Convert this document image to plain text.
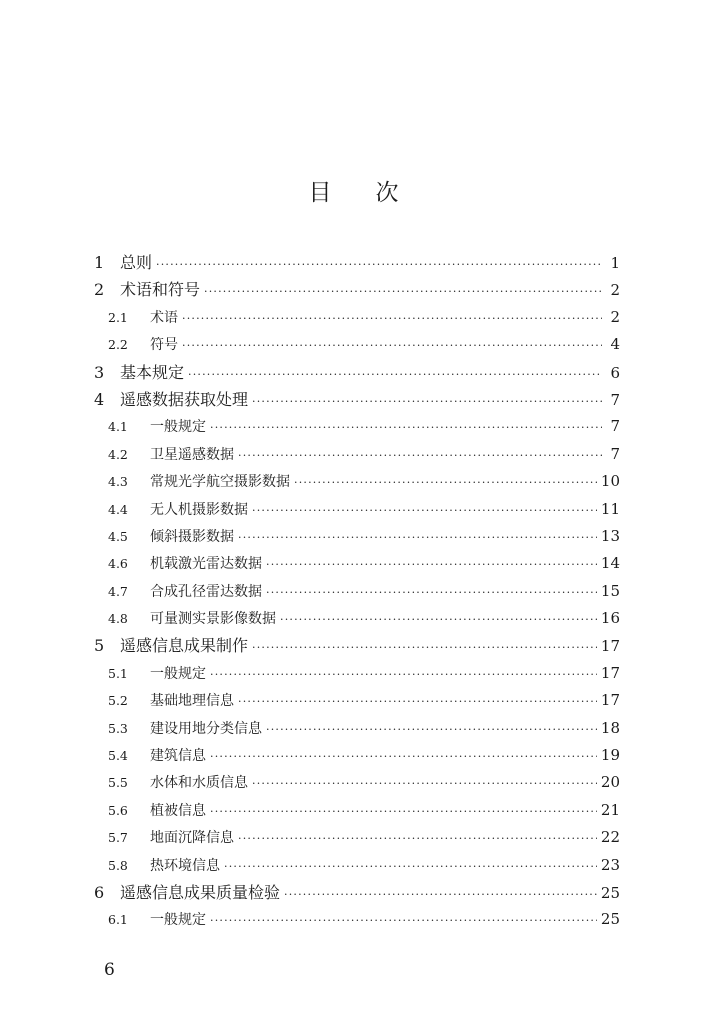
目 次
1 总则 ·····	1
2 术语和符号 ·····	2
2.1	术语 ·····	2
2.2	符号 ·····	4
3 基本规定 ·····	6
4 遥感数据获取处理 ·····	7
4.1	一般规定 ·····	7
4.2	卫星遥感数据 ·····	7
4.3	常规光学航空摄影数据 ·····	10
4.4	无人机摄影数据 ·····	11
4.5	倾斜摄影数据 ·····	13
4.6	机载激光雷达数据 ·····	14
4.7	合成孔径雷达数据 ·····	15
4.8	可量测实景影像数据 ·····	16
5 遥感信息成果制作 ·····	17
5.1	一般规定 ·····	17
5.2	基础地理信息 ·····	17
5.3	建设用地分类信息 ·····	18
5.4	建筑信息 ·····	19
5.5	水体和水质信息 ·····	20
5.6	植被信息 ·····	21
5.7	地面沉降信息 ·····	22
5.8	热环境信息 ·····	23
6 遥感信息成果质量检验 ·····	25
6.1	一般规定 ·····	25
6
